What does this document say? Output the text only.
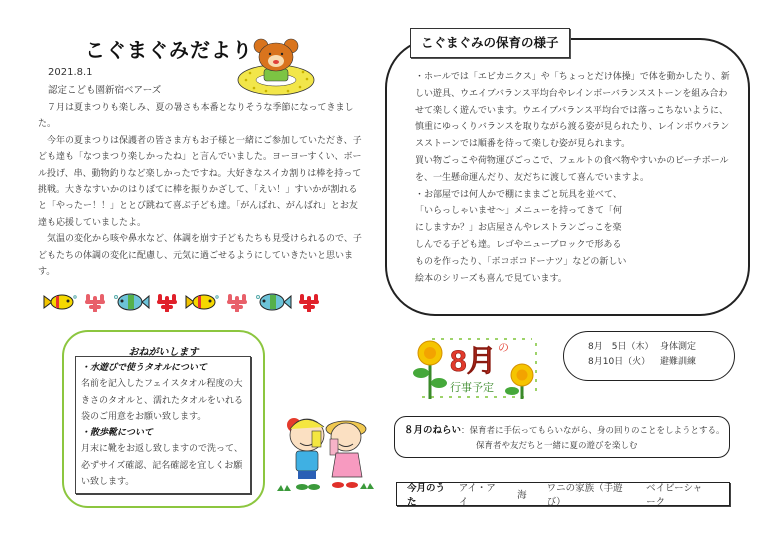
こぐまぐみだより
2021.8.1
認定こども園新宿ベアーズ

７月は夏まつりも楽しみ、夏の暑さも本番となりそうな季節になってきました。

今年の夏まつりは保護者の皆さま方もお子様と一緒にご参加していただき、子ども達も「なつまつり楽しかったね」と言んでいました。ヨーヨーすくい、ボール投げ、串、動物釣りなど楽しかったですね。大好きなスイカ割りは棒を持って挑戦。大きなすいかのはりぼてに棒を振りかざして、「えい！」すいかが割れると「やったー！！」ととび跳ねて喜ぶ子ども達。「がんばれ、がんばれ」とお友達も応援していましたよ。

気温の変化から咳や鼻水など、体調を崩す子どもたちも見受けられるので、子どもたちの体調の変化に配慮し、元気に過ごせるようにしていきたいと思います。

おねがいします
・水遊びで使うタオルについて
名前を記入したフェイスタオル程度の大きさのタオルと、濡れたタオルをいれる袋のご用意をお願い致します。
・散歩靴について
月末に靴をお返し致しますので洗って、必ずサイズ確認、記名確認を宜しくお願い致します。
こぐまぐみの保育の様子

・ホールでは「エビカニクス」や「ちょっとだけ体操」で体を動かしたり、新しい遊具、ウエイブバランス平均台やレインボーバランスストーンを組み合わせて楽しく遊んでいます。ウエイブバランス平均台では落っこちないように、慎重にゆっくりバランスを取りながら渡る姿が見られたり、レインボウバランスストーンでは順番を待って楽しむ姿が見られます。

買い物ごっこや荷物運びごっこで、フェルトの食べ物やすいかのビーチボールを、一生懸命運んだり、友だちに渡して喜んでいますよ。

・お部屋では何人かで棚にままごと玩具を並べて、「いらっしゃいませ～」メニューを持ってきて「何にしますか？」お店屋さんやレストランごっこを楽しんでる子ども達。レゴやニューブロックで形あるものを作ったり、「ボコボコドーナツ」などの新しい絵本のシリーズも喜んで見ています。

8月 の
行事予定
8月　5日（木） 身体測定
8月10日（火）	避難訓練
８月のねらい：保育者に手伝ってもらいながら、身の回りのことをしようとする。
保育者や友だちと一緒に夏の遊びを楽しむ
今月のうた
アイ・アイ
海
ワニの家族（手遊び）
ベイビーシャーク
